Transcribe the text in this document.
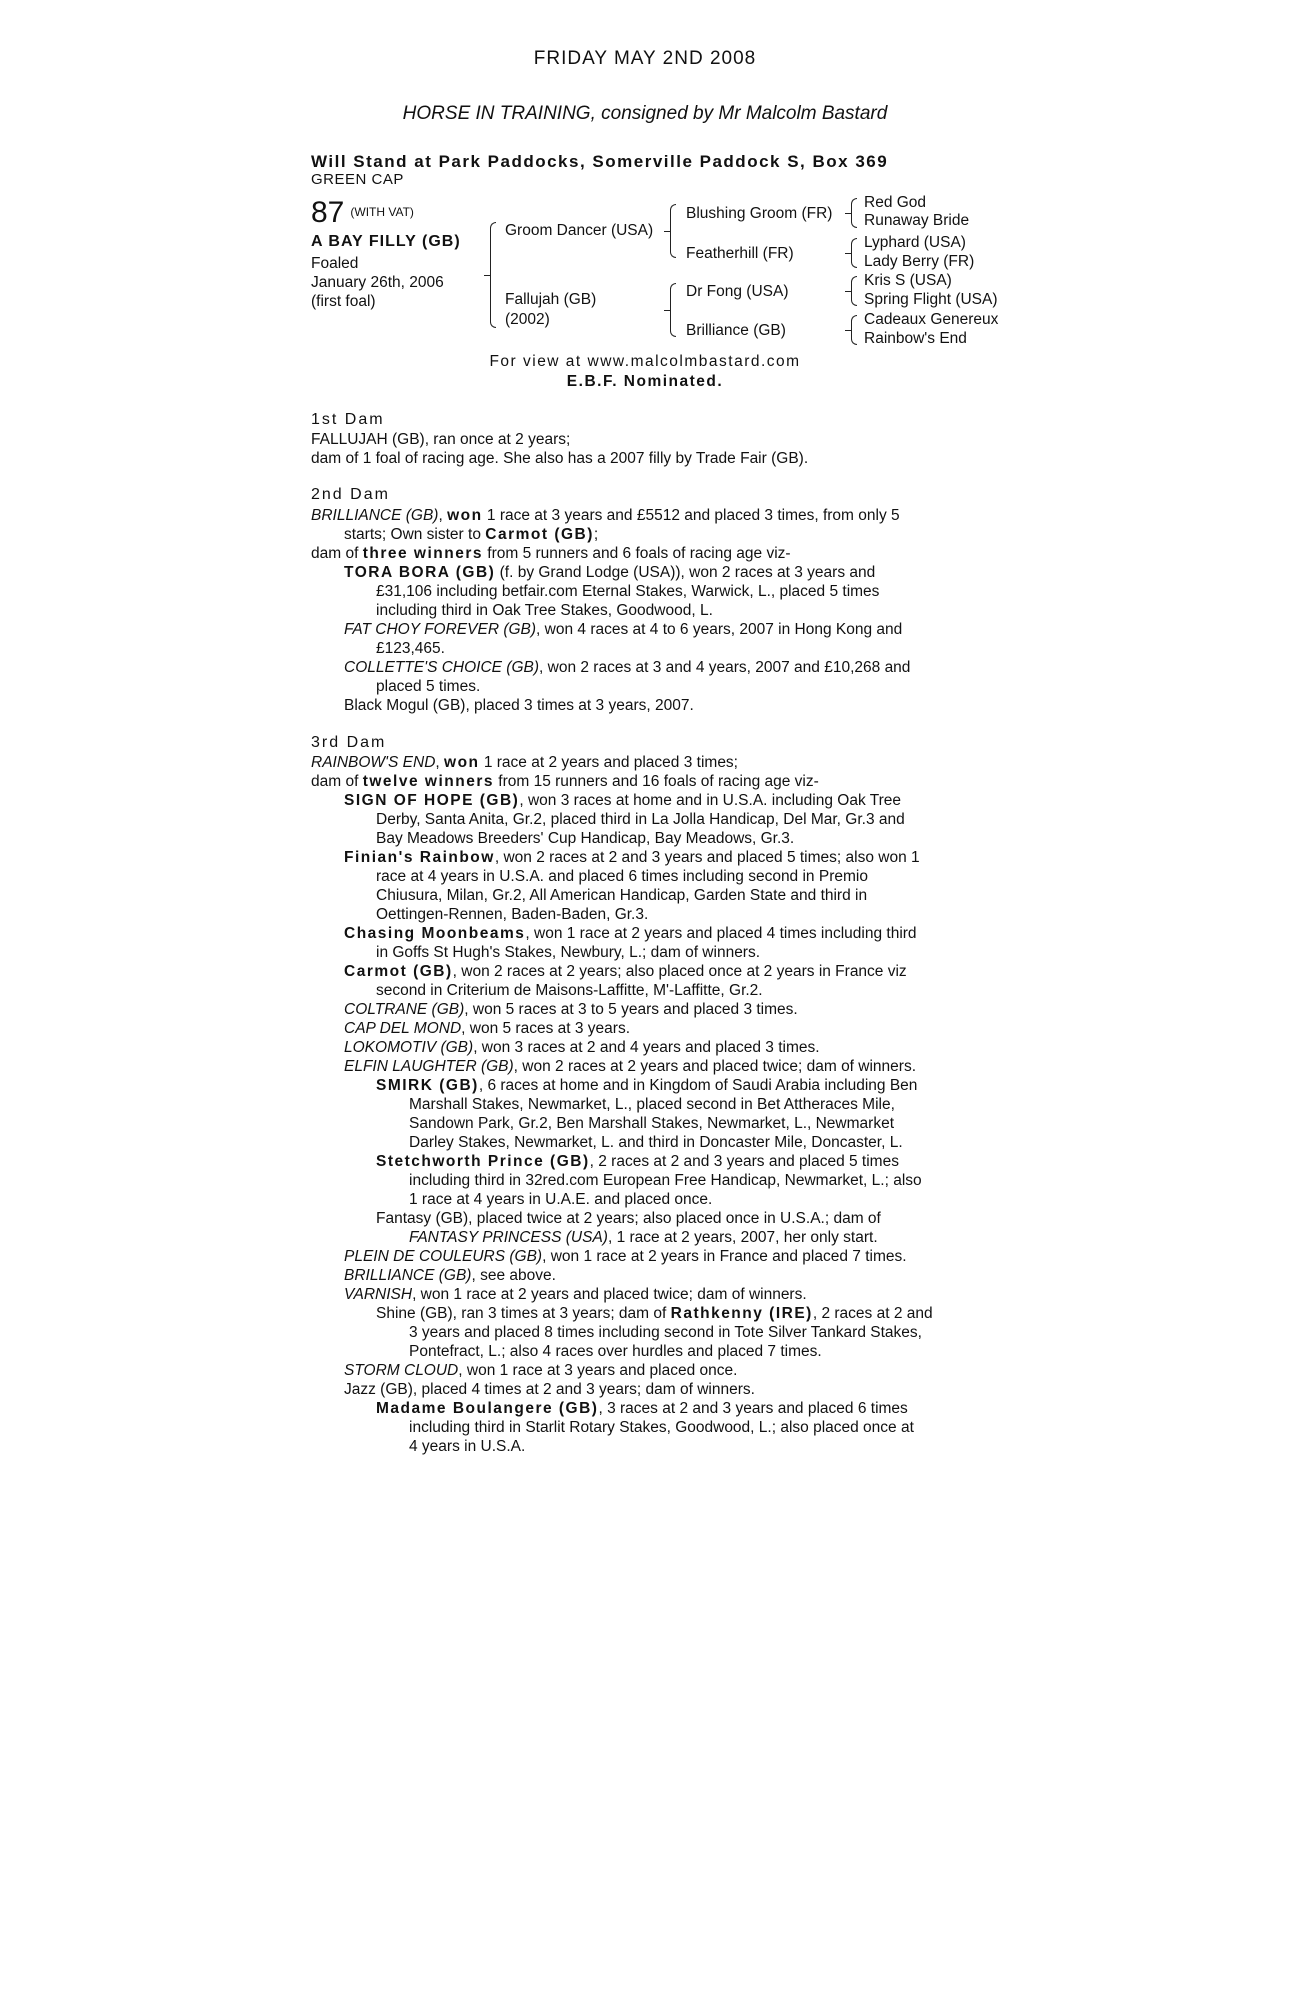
FRIDAY MAY 2ND 2008
HORSE IN TRAINING, consigned by Mr Malcolm Bastard
Will Stand at Park Paddocks, Somerville Paddock S, Box 369
GREEN CAP
87 $^{(WITH VAT)}$
A BAY FILLY (GB)
Foaled
January 26th, 2006
(first foal)
Groom Dancer (USA)
Fallujah (GB)
(2002)
Blushing Groom (FR)
Featherhill (FR)
Dr Fong (USA)
Brilliance (GB)
Red God
Runaway Bride
Lyphard (USA)
Lady Berry (FR)
Kris S (USA)
Spring Flight (USA)
Cadeaux Genereux
Rainbow's End
For view at www.malcolmbastard.com
E.B.F. Nominated.
1st Dam
FALLUJAH (GB), ran once at 2 years;
dam of 1 foal of racing age. She also has a 2007 filly by Trade Fair (GB).
2nd Dam
BRILLIANCE (GB), won 1 race at 3 years and £5512 and placed 3 times, from only 5
starts; Own sister to Carmot (GB);
dam of three winners from 5 runners and 6 foals of racing age viz-
TORA BORA (GB) (f. by Grand Lodge (USA)), won 2 races at 3 years and
£31,106 including betfair.com Eternal Stakes, Warwick, L., placed 5 times
including third in Oak Tree Stakes, Goodwood, L.
FAT CHOY FOREVER (GB), won 4 races at 4 to 6 years, 2007 in Hong Kong and
£123,465.
COLLETTE'S CHOICE (GB), won 2 races at 3 and 4 years, 2007 and £10,268 and
placed 5 times.
Black Mogul (GB), placed 3 times at 3 years, 2007.
3rd Dam
RAINBOW'S END, won 1 race at 2 years and placed 3 times;
dam of twelve winners from 15 runners and 16 foals of racing age viz-
SIGN OF HOPE (GB), won 3 races at home and in U.S.A. including Oak Tree
Derby, Santa Anita, Gr.2, placed third in La Jolla Handicap, Del Mar, Gr.3 and
Bay Meadows Breeders' Cup Handicap, Bay Meadows, Gr.3.
Finian's Rainbow, won 2 races at 2 and 3 years and placed 5 times; also won 1
race at 4 years in U.S.A. and placed 6 times including second in Premio
Chiusura, Milan, Gr.2, All American Handicap, Garden State and third in
Oettingen-Rennen, Baden-Baden, Gr.3.
Chasing Moonbeams, won 1 race at 2 years and placed 4 times including third
in Goffs St Hugh's Stakes, Newbury, L.; dam of winners.
Carmot (GB), won 2 races at 2 years; also placed once at 2 years in France viz
second in Criterium de Maisons-Laffitte, M'-Laffitte, Gr.2.
COLTRANE (GB), won 5 races at 3 to 5 years and placed 3 times.
CAP DEL MOND, won 5 races at 3 years.
LOKOMOTIV (GB), won 3 races at 2 and 4 years and placed 3 times.
ELFIN LAUGHTER (GB), won 2 races at 2 years and placed twice; dam of winners.
SMIRK (GB), 6 races at home and in Kingdom of Saudi Arabia including Ben
Marshall Stakes, Newmarket, L., placed second in Bet Attheraces Mile,
Sandown Park, Gr.2, Ben Marshall Stakes, Newmarket, L., Newmarket
Darley Stakes, Newmarket, L. and third in Doncaster Mile, Doncaster, L.
Stetchworth Prince (GB), 2 races at 2 and 3 years and placed 5 times
including third in 32red.com European Free Handicap, Newmarket, L.; also
1 race at 4 years in U.A.E. and placed once.
Fantasy (GB), placed twice at 2 years; also placed once in U.S.A.; dam of
FANTASY PRINCESS (USA), 1 race at 2 years, 2007, her only start.
PLEIN DE COULEURS (GB), won 1 race at 2 years in France and placed 7 times.
BRILLIANCE (GB), see above.
VARNISH, won 1 race at 2 years and placed twice; dam of winners.
Shine (GB), ran 3 times at 3 years; dam of Rathkenny (IRE), 2 races at 2 and
3 years and placed 8 times including second in Tote Silver Tankard Stakes,
Pontefract, L.; also 4 races over hurdles and placed 7 times.
STORM CLOUD, won 1 race at 3 years and placed once.
Jazz (GB), placed 4 times at 2 and 3 years; dam of winners.
Madame Boulangere (GB), 3 races at 2 and 3 years and placed 6 times
including third in Starlit Rotary Stakes, Goodwood, L.; also placed once at
4 years in U.S.A.
